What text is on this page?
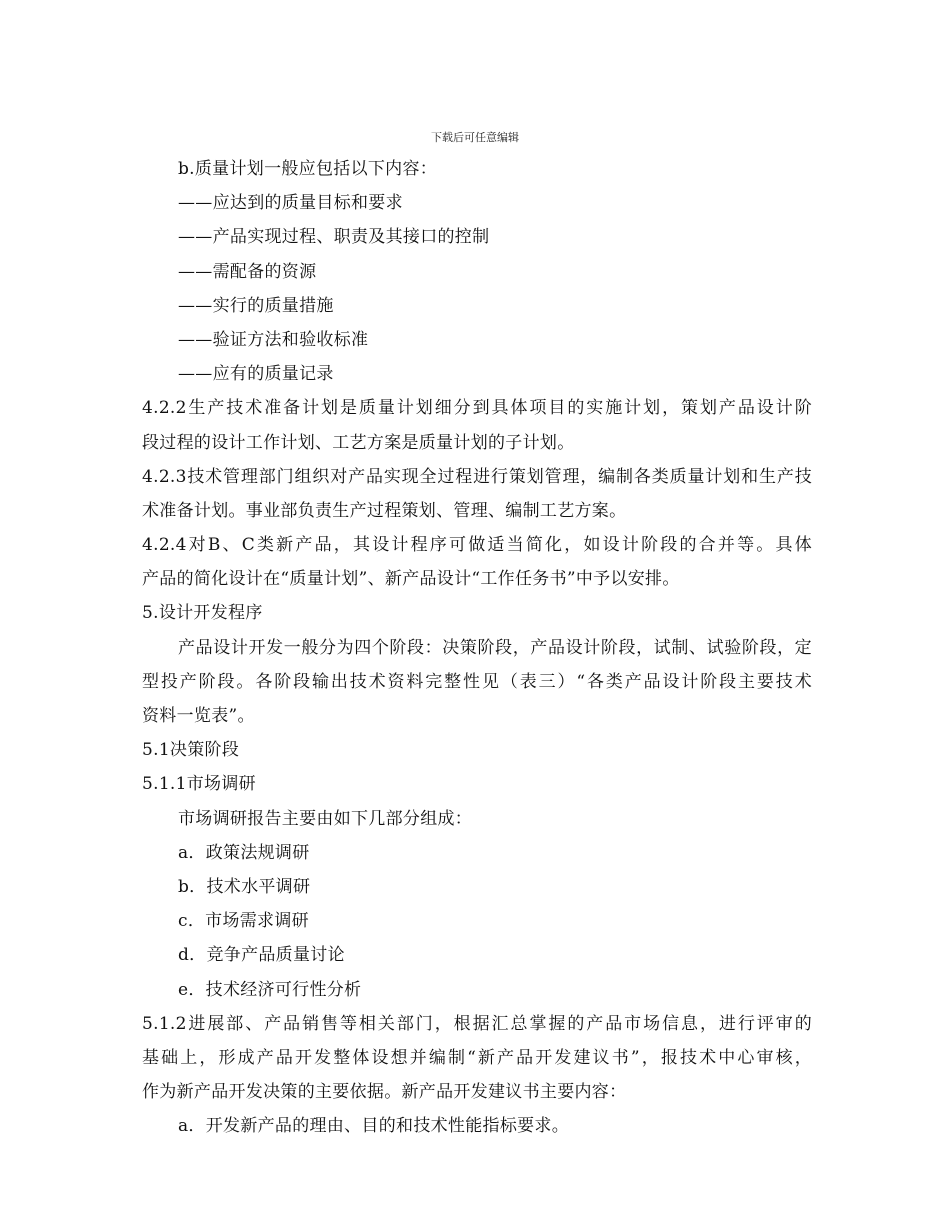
下载后可任意编辑
b.质量计划一般应包括以下内容：
——应达到的质量目标和要求
——产品实现过程、职责及其接口的控制
——需配备的资源
——实行的质量措施
——验证方法和验收标准
——应有的质量记录
4.2.2生产技术准备计划是质量计划细分到具体项目的实施计划，策划产品设计阶
段过程的设计工作计划、工艺方案是质量计划的子计划。
4.2.3技术管理部门组织对产品实现全过程进行策划管理，编制各类质量计划和生产技
术准备计划。事业部负责生产过程策划、管理、编制工艺方案。
4.2.4对B、C类新产品，其设计程序可做适当简化，如设计阶段的合并等。具体
产品的简化设计在“质量计划”、新产品设计“工作任务书”中予以安排。
5.设计开发程序
产品设计开发一般分为四个阶段：决策阶段，产品设计阶段，试制、试验阶段，定
型投产阶段。各阶段输出技术资料完整性见（表三）“各类产品设计阶段主要技术
资料一览表”。
5.1决策阶段
5.1.1市场调研
市场调研报告主要由如下几部分组成：
a．政策法规调研
b．技术水平调研
c．市场需求调研
d．竞争产品质量讨论
e．技术经济可行性分析
5.1.2进展部、产品销售等相关部门，根据汇总掌握的产品市场信息，进行评审的
基础上，形成产品开发整体设想并编制“新产品开发建议书”，报技术中心审核，
作为新产品开发决策的主要依据。新产品开发建议书主要内容：
a．开发新产品的理由、目的和技术性能指标要求。
